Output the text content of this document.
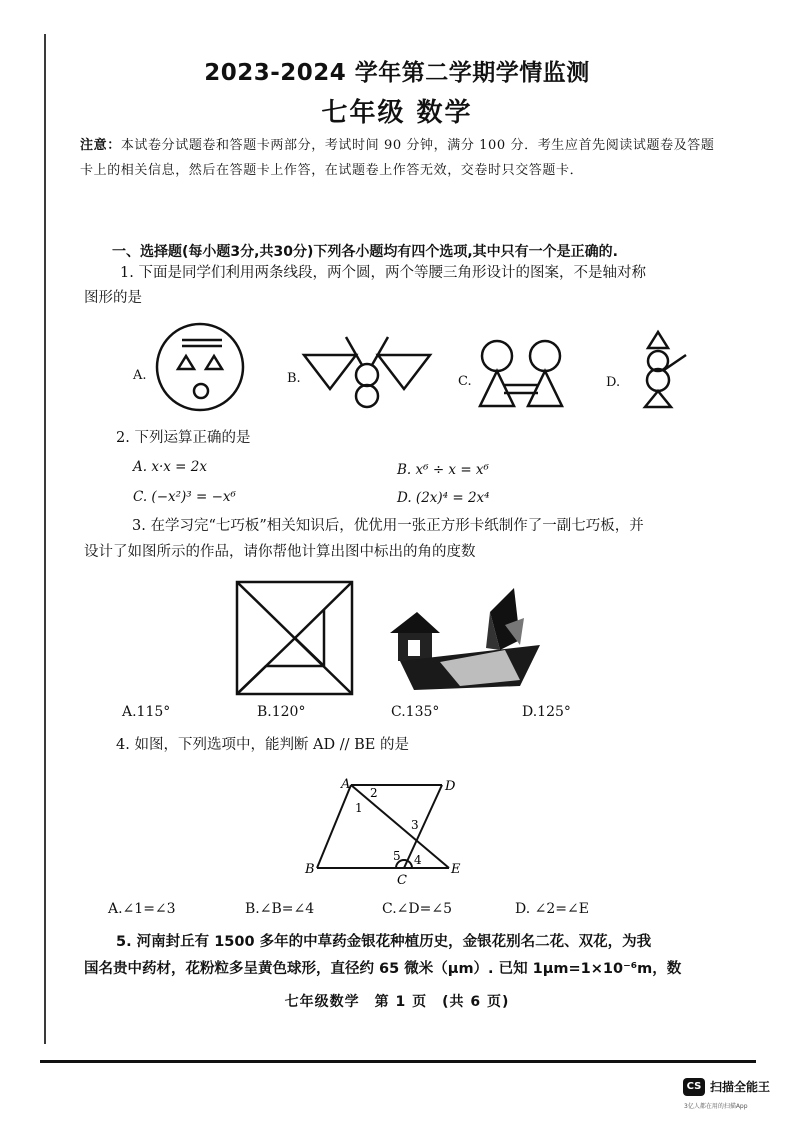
2023-2024 学年第二学期学情监测
七年级 数学
注意：本试卷分试题卷和答题卡两部分，考试时间 90 分钟，满分 100 分．考生应首先阅读试题卷及答题卡上的相关信息，然后在答题卡上作答，在试题卷上作答无效，交卷时只交答题卡．
一、选择题(每小题3分,共30分)下列各小题均有四个选项,其中只有一个是正确的.
1. 下面是同学们利用两条线段，两个圆，两个等腰三角形设计的图案，不是轴对称
图形的是
A.	B.	C.	D.
2. 下列运算正确的是
A. x·x = 2x	B. x⁶ ÷ x = x⁶
C. (−x²)³ = −x⁶	D. (2x)⁴ = 2x⁴
3. 在学习完“七巧板”相关知识后，优优用一张正方形卡纸制作了一副七巧板，并
设计了如图所示的作品，请你帮他计算出图中标出的角的度数
A.115°	B.120°	C.135°	D.125°
4. 如图，下列选项中，能判断 AD // BE 的是
A	D
B
C
E
1
2
3
4
5
A.∠1=∠3	B.∠B=∠4	C.∠D=∠5	D. ∠2=∠E
5. 河南封丘有 1500 多年的中草药金银花种植历史，金银花别名二花、双花，为我
国名贵中药材，花粉粒多呈黄色球形，直径约 65 微米（μm）. 已知 1μm=1×10⁻⁶m，数
七年级数学　第 1 页　(共 6 页)
CS 扫描全能王
3亿人都在用的扫描App
